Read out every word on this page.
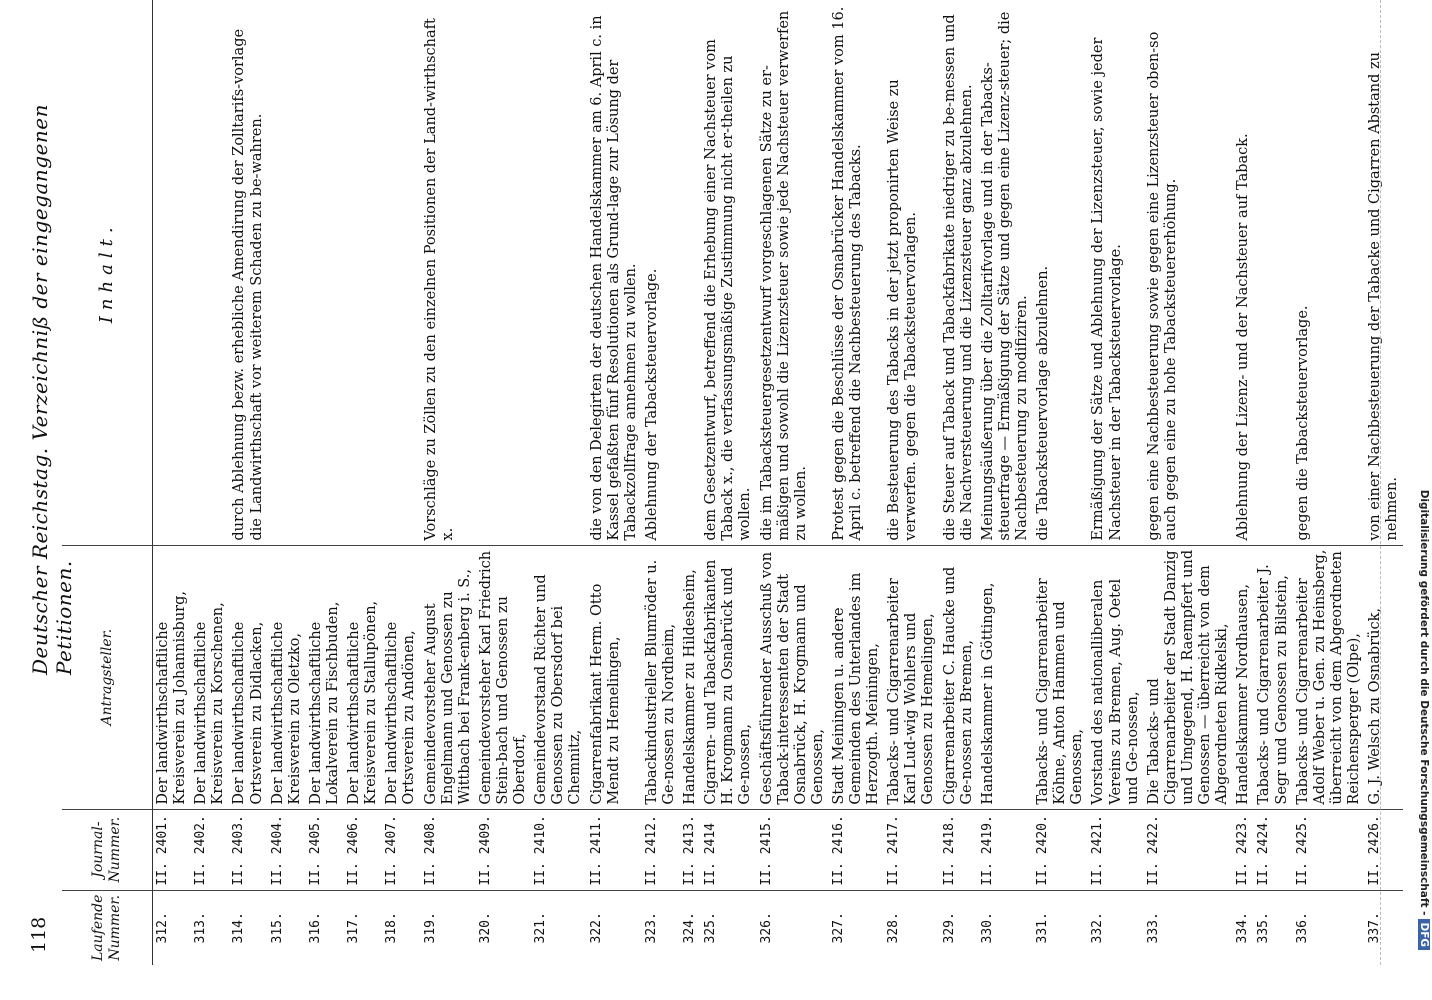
118
Deutscher Reichstag. Verzeichniß der eingegangenen Petitionen.
Laufende Nummer.	Journal-Nummer.	Antragsteller.	Inhalt.
312.	II. 2401.	Der landwirthschaftliche Kreisverein zu Johannisburg,	
313.	II. 2402.	Der landwirthschaftliche Kreisverein zu Korschenen,	
314.	II. 2403.	Der landwirthschaftliche Ortsverein zu Didlacken,	durch Ablehnung bezw. erhebliche Amendirung der Zolltarifs-vorlage die Landwirthschaft vor weiterem Schaden zu be-wahren.
315.	II. 2404.	Der landwirthschaftliche Kreisverein zu Oletzko,	
316.	II. 2405.	Der landwirthschaftliche Lokalverein zu Fischbuden,	
317.	II. 2406.	Der landwirthschaftliche Kreisverein zu Stallupönen,	
318.	II. 2407.	Der landwirthschaftliche Ortsverein zu Andönen,	
319.	II. 2408.	Gemeindevorsteher August Engelmann und Genossen zu Wittbach bei Frank-enberg i. S.,	Vorschläge zu Zöllen zu den einzelnen Positionen der Land-wirthschaft x.
320.	II. 2409.	Gemeindevorsteher Karl Friedrich Stein-bach und Genossen zu Oberdorf,	
321.	II. 2410.	Gemeindevorstand Richter und Genossen zu Obersdorf bei Chemnitz,	
322.	II. 2411.	Cigarrenfabrikant Herm. Otto Mendt zu Hemelingen,	die von den Delegirten der deutschen Handelskammer am 6. April c. in Kassel gefaßten fünf Resolutionen als Grund-lage zur Lösung der Tabackzollfrage annehmen zu wollen.
323.	II. 2412.	Tabackindustrieller Blumröder u. Ge-nossen zu Nordheim,	Ablehnung der Tabacksteuervorlage.
324.	II. 2413.	Handelskammer zu Hildesheim,	
325.	II. 2414	Cigarren- und Tabackfabrikanten H. Krogmann zu Osnabrück und Ge-nossen,	dem Gesetzentwurf, betreffend die Erhebung einer Nachsteuer vom Taback x., die verfassungsmäßige Zustimmung nicht er-theilen zu wollen.
326.	II. 2415.	Geschäftsführender Ausschuß von Taback-interessenten der Stadt Osnabrück, H. Krogmann und Genossen,	die im Tabacksteuergesetzentwurf vorgeschlagenen Sätze zu er-mäßigen und sowohl die Lizenzsteuer sowie jede Nachsteuer verwerfen zu wollen.
327.	II. 2416.	Stadt Meiningen u. andere Gemeinden des Unterlandes im Herzogth. Meiningen,	Protest gegen die Beschlüsse der Osnabrücker Handelskammer vom 16. April c. betreffend die Nachbesteuerung des Tabacks.
328.	II. 2417.	Tabacks- und Cigarrenarbeiter Karl Lud-wig Wohlers und Genossen zu Hemelingen,	die Besteuerung des Tabacks in der jetzt proponirten Weise zu verwerfen. gegen die Tabacksteuervorlagen.
329.	II. 2418.	Cigarrenarbeiter C. Haucke und Ge-nossen zu Bremen,	die Steuer auf Taback und Tabackfabrikate niedriger zu be-messen und die Nachversteuerung und die Lizenzsteuer ganz abzulehnen.
330.	II. 2419.	Handelskammer in Göttingen,	Meinungsäußerung über die Zolltarifvorlage und in der Tabacks-steuerfrage — Ermäßigung der Sätze und gegen eine Lizenz-steuer; die Nachbesteuerung zu modifiziren.
331.	II. 2420.	Tabacks- und Cigarrenarbeiter Köhne, Anton Hammen und Genossen,	die Tabacksteuervorlage abzulehnen.
332.	II. 2421.	Vorstand des nationalliberalen Vereins zu Bremen, Aug. Oetel und Ge-nossen,	Ermäßigung der Sätze und Ablehnung der Lizenzsteuer, sowie jeder Nachsteuer in der Tabacksteuervorlage.
333.	II. 2422.	Die Tabacks- und Cigarrenarbeiter der Stadt Danzig und Umgegend, H. Raempfert und Genossen — überreicht von dem Abgeordneten Ridkelski,	gegen eine Nachbesteuerung sowie gegen eine Lizenzsteuer oben-so auch gegen eine zu hohe Tabacksteuererhöhung.
334.	II. 2423.	Handelskammer Nordhausen,	Ablehnung der Lizenz- und der Nachsteuer auf Taback.
335.	II. 2424.	Tabacks- und Cigarrenarbeiter J. Segr und Genossen zu Bilstein,	
336.	II. 2425.	Tabacks- und Cigarrenarbeiter Adolf Weber u. Gen. zu Heinsberg, überreicht von dem Abgeordneten Reichensperger (Olpe),	gegen die Tabacksteuervorlage.
337.	II. 2426.	G. J. Welsch zu Osnabrück,	von einer Nachbesteuerung der Tabacke und Cigarren Abstand zu nehmen. Digitalisierung gefördert durch die Deutsche Forschungsgemeinschaft -DFG
